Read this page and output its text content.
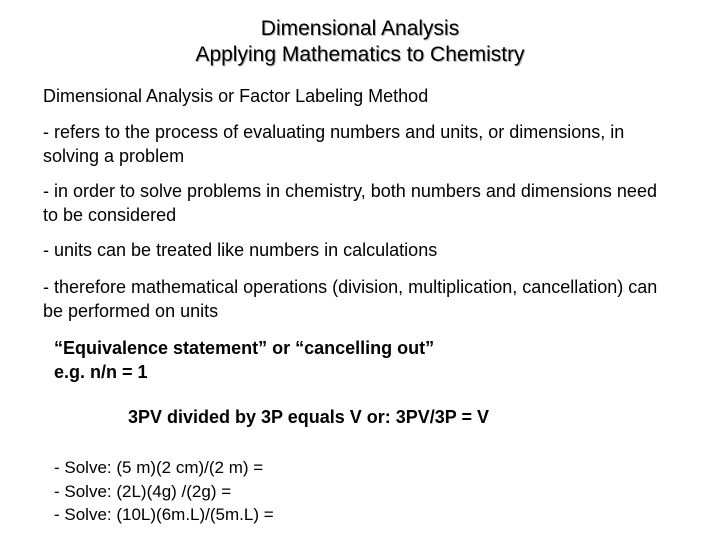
Dimensional Analysis
Applying Mathematics to Chemistry
Dimensional Analysis or Factor Labeling Method
- refers to the process of evaluating numbers and units, or dimensions, in solving a problem
- in order to solve problems in chemistry, both numbers and dimensions need to be considered
- units can be treated like numbers in calculations
- therefore mathematical operations (division, multiplication, cancellation) can be performed on units
“Equivalence statement” or “cancelling out”
e.g. n/n = 1
3PV divided by 3P equals V or: 3PV/3P = V
- Solve: (5 m)(2 cm)/(2 m) =
- Solve: (2L)(4g) /(2g) =
- Solve: (10L)(6m.L)/(5m.L) =
